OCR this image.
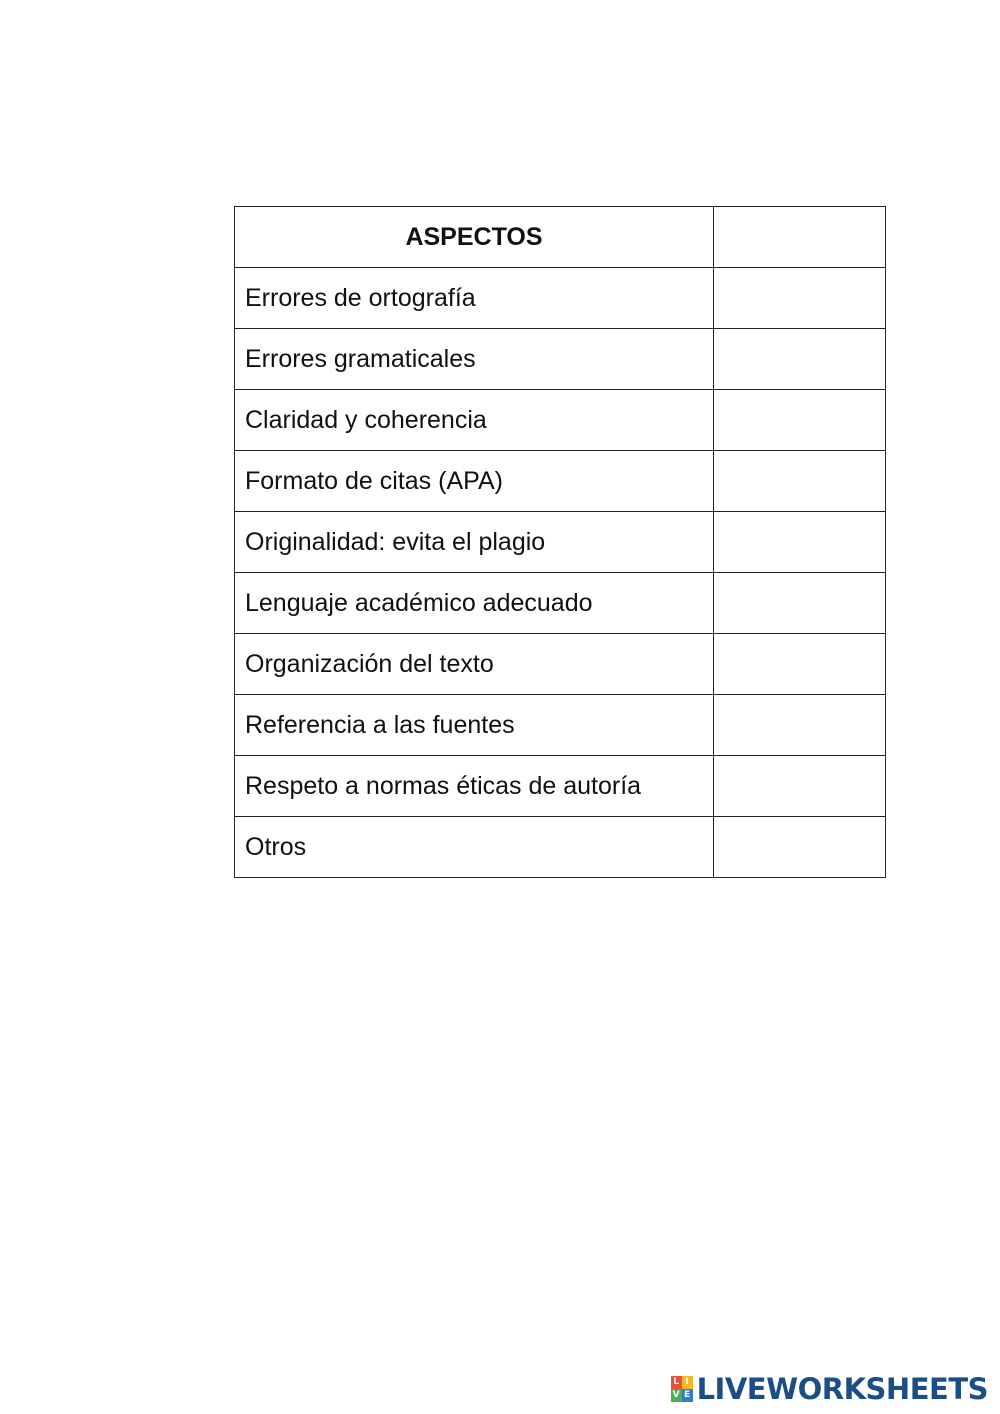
ASPECTOS	
Errores de ortografía	
Errores gramaticales	
Claridad y coherencia	
Formato de citas (APA)	
Originalidad: evita el plagio	
Lenguaje académico adecuado	
Organización del texto	
Referencia a las fuentes	
Respeto a normas éticas de autoría	
Otros	
L I
V E LIVEWORKSHEETS
